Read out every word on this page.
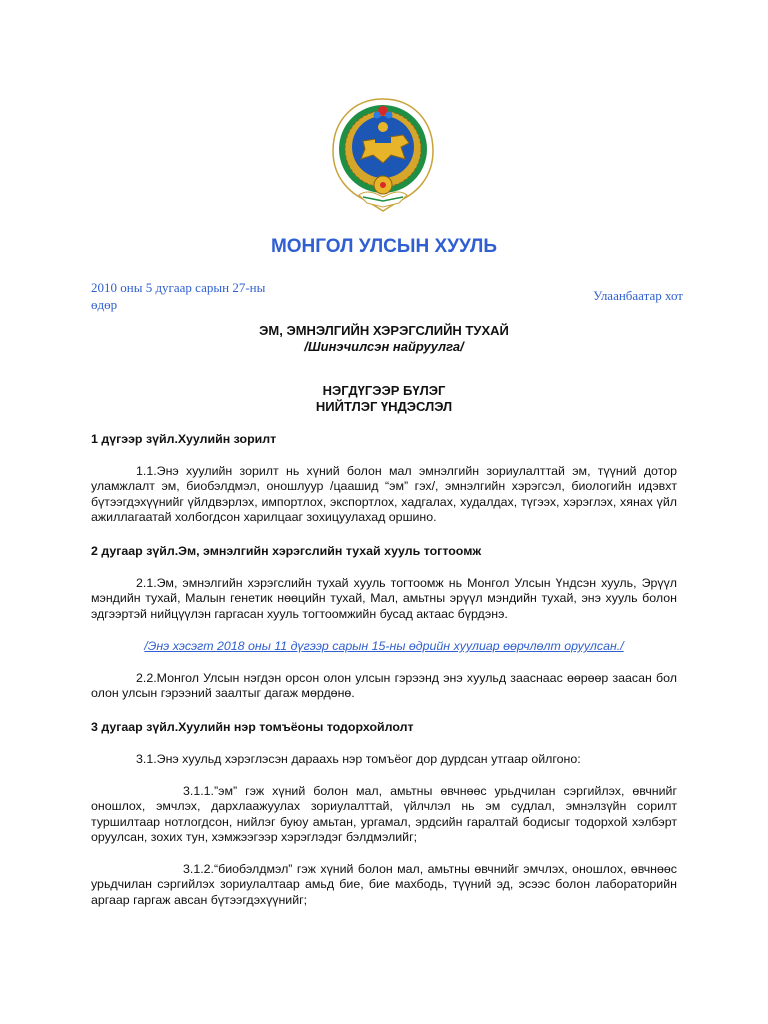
МОНГОЛ УЛСЫН ХУУЛЬ
2010 оны 5 дугаар сарын 27-ны
өдөр
Улаанбаатар хот
ЭМ, ЭМНЭЛГИЙН ХЭРЭГСЛИЙН ТУХАЙ
/Шинэчилсэн найруулга/
НЭГДҮГЭЭР БҮЛЭГ
НИЙТЛЭГ ҮНДЭСЛЭЛ
1 дүгээр зүйл.Хуулийн зорилт
1.1.Энэ хуулийн зорилт нь хүний болон мал эмнэлгийн зориулалттай эм, түүний дотор уламжлалт эм, биобэлдмэл, оношлуур /цаашид “эм” гэх/, эмнэлгийн хэрэгсэл, биологийн идэвхт бүтээгдэхүүнийг үйлдвэрлэх, импортлох, экспортлох, хадгалах, худалдах, түгээх, хэрэглэх, хянах үйл ажиллагаатай холбогдсон харилцааг зохицуулахад оршино.
2 дугаар зүйл.Эм, эмнэлгийн хэрэгслийн тухай хууль тогтоомж
2.1.Эм, эмнэлгийн хэрэгслийн тухай хууль тогтоомж нь Монгол Улсын Үндсэн хууль, Эрүүл мэндийн тухай, Малын генетик нөөцийн тухай, Мал, амьтны эрүүл мэндийн тухай, энэ хууль болон эдгээртэй нийцүүлэн гаргасан хууль тогтоомжийн бусад актаас бүрдэнэ.
/Энэ хэсэгт 2018 оны 11 дүгээр сарын 15-ны өдрийн хуулиар өөрчлөлт оруулсан./
2.2.Монгол Улсын нэгдэн орсон олон улсын гэрээнд энэ хуульд зааснаас өөрөөр заасан бол олон улсын гэрээний заалтыг дагаж мөрдөнө.
3 дугаар зүйл.Хуулийн нэр томъёоны тодорхойлолт
3.1.Энэ хуульд хэрэглэсэн дараахь нэр томъёог дор дурдсан утгаар ойлгоно:
3.1.1.”эм” гэж хүний болон мал, амьтны өвчнөөс урьдчилан сэргийлэх, өвчнийг оношлох, эмчлэх, дархлаажуулах зориулалттай, үйлчлэл нь эм судлал, эмнэлзүйн сорилт туршилтаар нотлогдсон, нийлэг буюу амьтан, ургамал, эрдсийн гаралтай бодисыг тодорхой хэлбэрт оруулсан, зохих тун, хэмжээгээр хэрэглэдэг бэлдмэлийг;
3.1.2.“биобэлдмэл” гэж хүний болон мал, амьтны өвчнийг эмчлэх, оношлох, өвчнөөс урьдчилан сэргийлэх зориулалтаар амьд бие, бие махбодь, түүний эд, эсээс болон лабораторийн аргаар гаргаж авсан бүтээгдэхүүнийг;
